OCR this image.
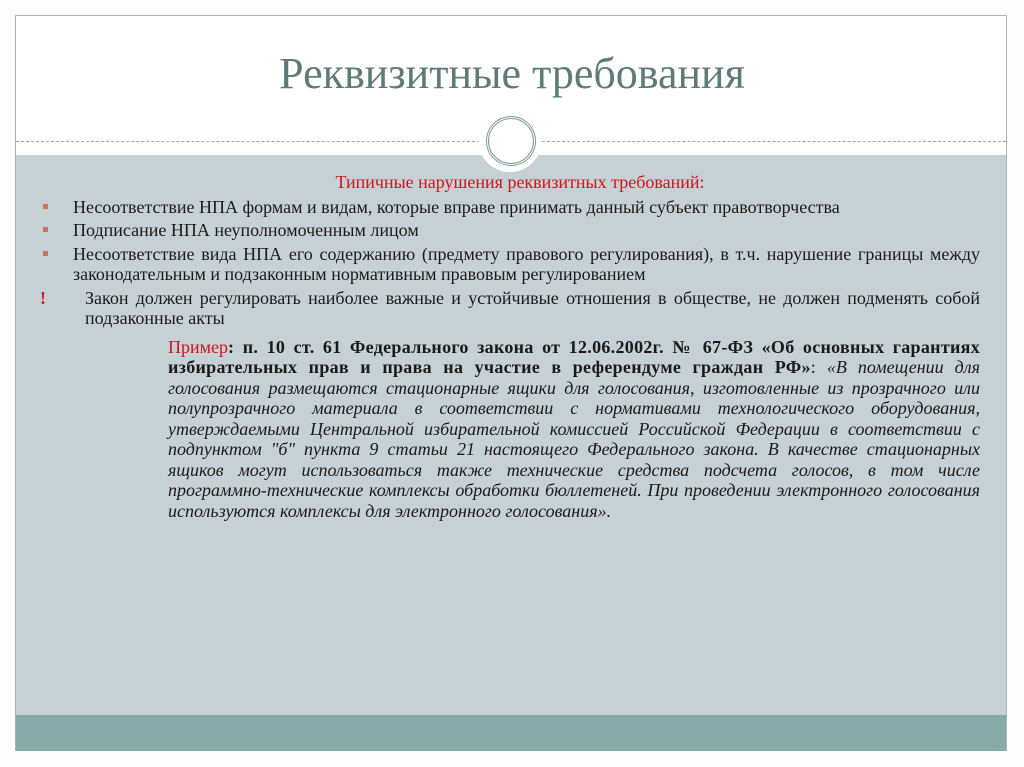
Реквизитные требования
Типичные нарушения реквизитных требований:
Несоответствие НПА формам и видам, которые вправе принимать данный субъект правотворчества
Подписание НПА неуполномоченным лицом
Несоответствие вида НПА его содержанию (предмету правового регулирования), в т.ч. нарушение границы между законодательным и подзаконным нормативным правовым регулированием
! Закон должен регулировать наиболее важные и устойчивые отношения в обществе, не должен подменять собой подзаконные акты
Пример: п. 10 ст. 61 Федерального закона от 12.06.2002г. № 67-ФЗ «Об основных гарантиях избирательных прав и права на участие в референдуме граждан РФ»: «В помещении для голосования размещаются стационарные ящики для голосования, изготовленные из прозрачного или полупрозрачного материала в соответствии с нормативами технологического оборудования, утверждаемыми Центральной избирательной комиссией Российской Федерации в соответствии с подпунктом "б" пункта 9 статьи 21 настоящего Федерального закона. В качестве стационарных ящиков могут использоваться также технические средства подсчета голосов, в том числе программно-технические комплексы обработки бюллетеней. При проведении электронного голосования используются комплексы для электронного голосования».
